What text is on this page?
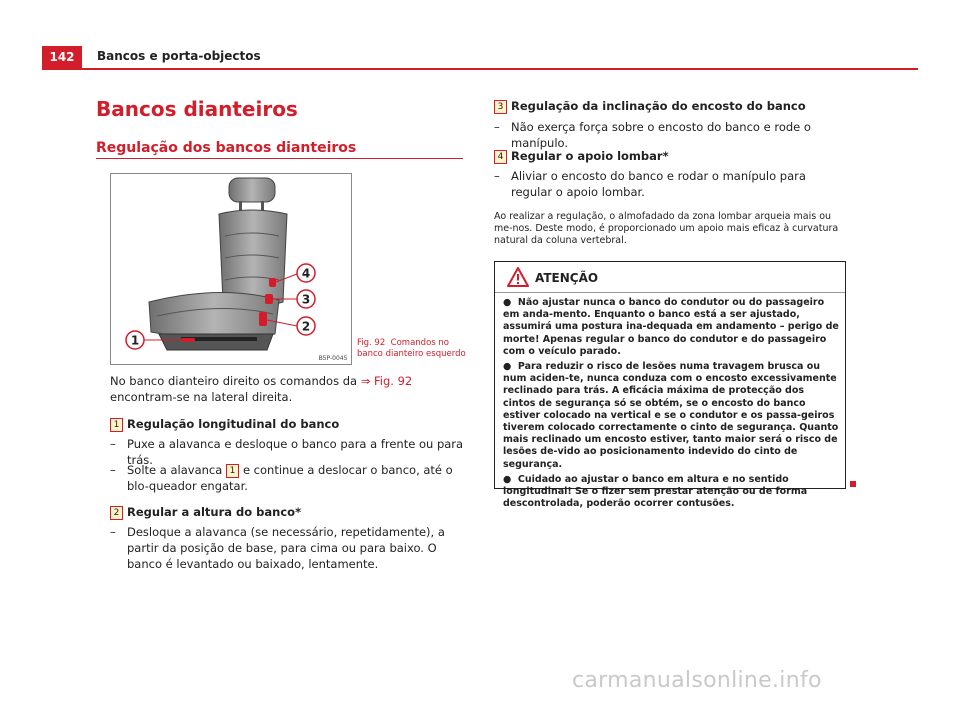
142	Bancos e porta-objectos
Bancos dianteiros
Regulação dos bancos dianteiros
1
2
3
4
B5P-0045
Fig. 92 Comandos no banco dianteiro esquerdo
No banco dianteiro direito os comandos da ⇒ Fig. 92 encontram-se na lateral direita.
1 Regulação longitudinal do banco
– Puxe a alavanca e desloque o banco para a frente ou para trás.
– Solte a alavanca 1 e continue a deslocar o banco, até o blo-queador engatar.
2 Regular a altura do banco*
– Desloque a alavanca (se necessário, repetidamente), a partir da posição de base, para cima ou para baixo. O banco é levantado ou baixado, lentamente.
3 Regulação da inclinação do encosto do banco
– Não exerça força sobre o encosto do banco e rode o manípulo.
4 Regular o apoio lombar*
– Aliviar o encosto do banco e rodar o manípulo para regular o apoio lombar.
Ao realizar a regulação, o almofadado da zona lombar arqueia mais ou me-nos. Deste modo, é proporcionado um apoio mais eficaz à curvatura natural da coluna vertebral.
ATENÇÃO

● Não ajustar nunca o banco do condutor ou do passageiro em anda-mento. Enquanto o banco está a ser ajustado, assumirá uma postura ina-dequada em andamento – perigo de morte! Apenas regular o banco do condutor e do passageiro com o veículo parado.

● Para reduzir o risco de lesões numa travagem brusca ou num aciden-te, nunca conduza com o encosto excessivamente reclinado para trás. A eficácia máxima de protecção dos cintos de segurança só se obtém, se o encosto do banco estiver colocado na vertical e se o condutor e os passa-geiros tiverem colocado correctamente o cinto de segurança. Quanto mais reclinado um encosto estiver, tanto maior será o risco de lesões de-vido ao posicionamento indevido do cinto de segurança.

● Cuidado ao ajustar o banco em altura e no sentido longitudinal! Se o fizer sem prestar atenção ou de forma descontrolada, poderão ocorrer contusões.

carmanualsonline.info
